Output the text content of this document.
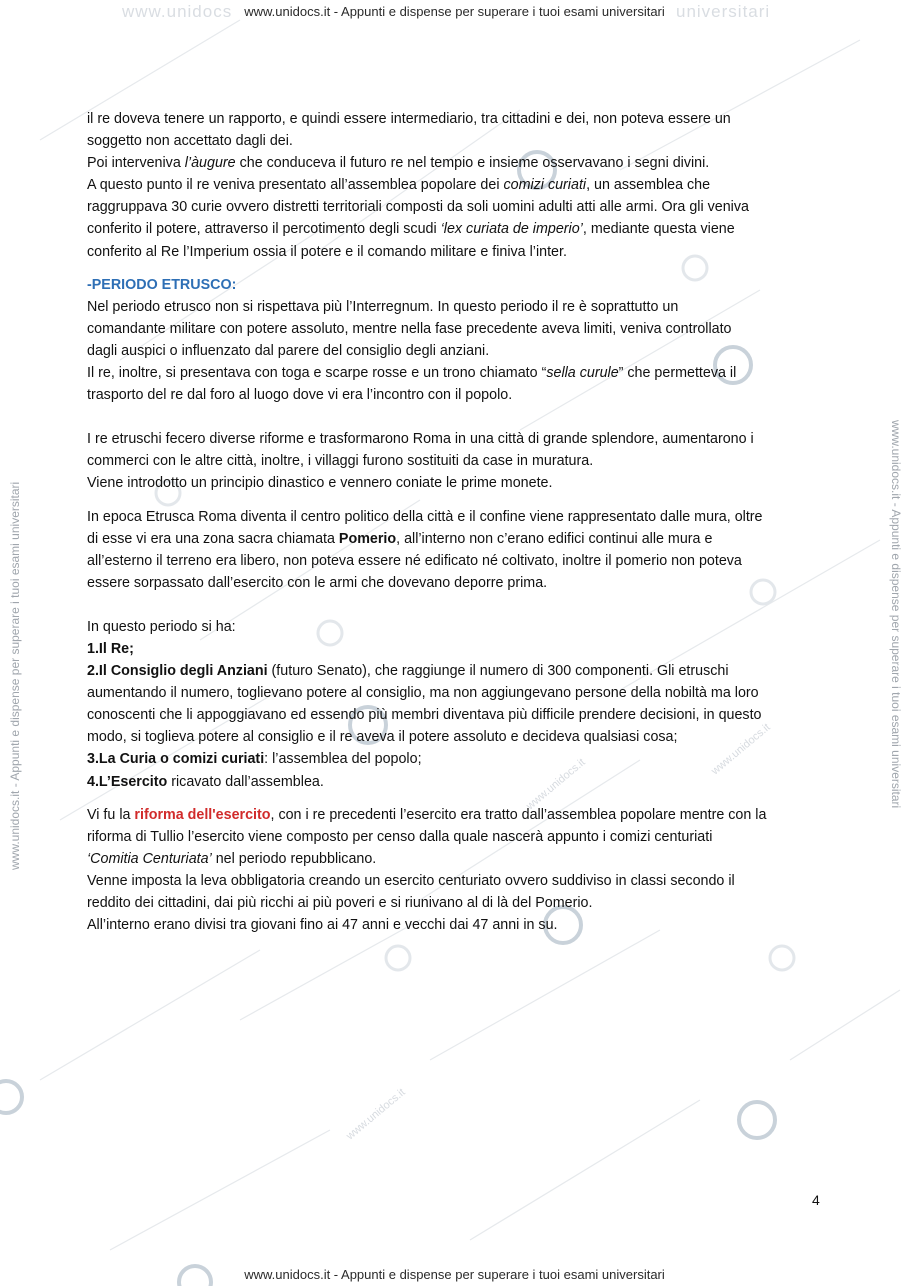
www.unidocs.it
www.unidocs.it
www.unidocs.it
www.unidocs	universitari
www.unidocs.it - Appunti e dispense per superare i tuoi esami universitari
www.unidocs.it - Appunti e dispense per superare i tuoi esami universitari
www.unidocs.it - Appunti e dispense per superare i tuoi esami universitari	www.unidocs.it - Appunti e dispense per superare i tuoi esami universitari

il re doveva tenere un rapporto, e quindi essere intermediario, tra cittadini e dei, non poteva essere un
soggetto non accettato dagli dei.

Poi interveniva l’àugure che conduceva il futuro re nel tempio e insieme osservavano i segni divini.

A questo punto il re veniva presentato all’assemblea popolare dei comizi curiati, un assemblea che
raggruppava 30 curie ovvero distretti territoriali composti da soli uomini adulti atti alle armi. Ora gli veniva
conferito il potere, attraverso il percotimento degli scudi ‘lex curiata de imperio’, mediante questa viene
conferito al Re l’Imperium ossia il potere e il comando militare e finiva l’inter.

-PERIODO ETRUSCO:

Nel periodo etrusco non si rispettava più l’Interregnum. In questo periodo il re è soprattutto un
comandante militare con potere assoluto, mentre nella fase precedente aveva limiti, veniva controllato
dagli auspici o influenzato dal parere del consiglio degli anziani.

Il re, inoltre, si presentava con toga e scarpe rosse e un trono chiamato “sella curule” che permetteva il
trasporto del re dal foro al luogo dove vi era l’incontro con il popolo.

I re etruschi fecero diverse riforme e trasformarono Roma in una città di grande splendore, aumentarono i
commerci con le altre città, inoltre, i villaggi furono sostituiti da case in muratura.
Viene introdotto un principio dinastico e vennero coniate le prime monete.

In epoca Etrusca Roma diventa il centro politico della città e il confine viene rappresentato dalle mura, oltre
di esse vi era una zona sacra chiamata Pomerio, all’interno non c’erano edifici continui alle mura e
all’esterno il terreno era libero, non poteva essere né edificato né coltivato, inoltre il pomerio non poteva
essere sorpassato dall’esercito con le armi che dovevano deporre prima.

In questo periodo si ha:

1.Il Re;

2.Il Consiglio degli Anziani (futuro Senato), che raggiunge il numero di 300 componenti. Gli etruschi
aumentando il numero, toglievano potere al consiglio, ma non aggiungevano persone della nobiltà ma loro
conoscenti che li appoggiavano ed essendo più membri diventava più difficile prendere decisioni, in questo
modo, si toglieva potere al consiglio e il re aveva il potere assoluto e decideva qualsiasi cosa;

3.La Curia o comizi curiati: l’assemblea del popolo;

4.L’Esercito ricavato dall’assemblea.

Vi fu la riforma dell'esercito, con i re precedenti l’esercito era tratto dall’assemblea popolare mentre con la
riforma di Tullio l’esercito viene composto per censo dalla quale nascerà appunto i comizi centuriati
‘Comitia Centuriata’ nel periodo repubblicano.
Venne imposta la leva obbligatoria creando un esercito centuriato ovvero suddiviso in classi secondo il
reddito dei cittadini, dai più ricchi ai più poveri e si riunivano al di là del Pomerio.
All’interno erano divisi tra giovani fino ai 47 anni e vecchi dai 47 anni in su.

4
